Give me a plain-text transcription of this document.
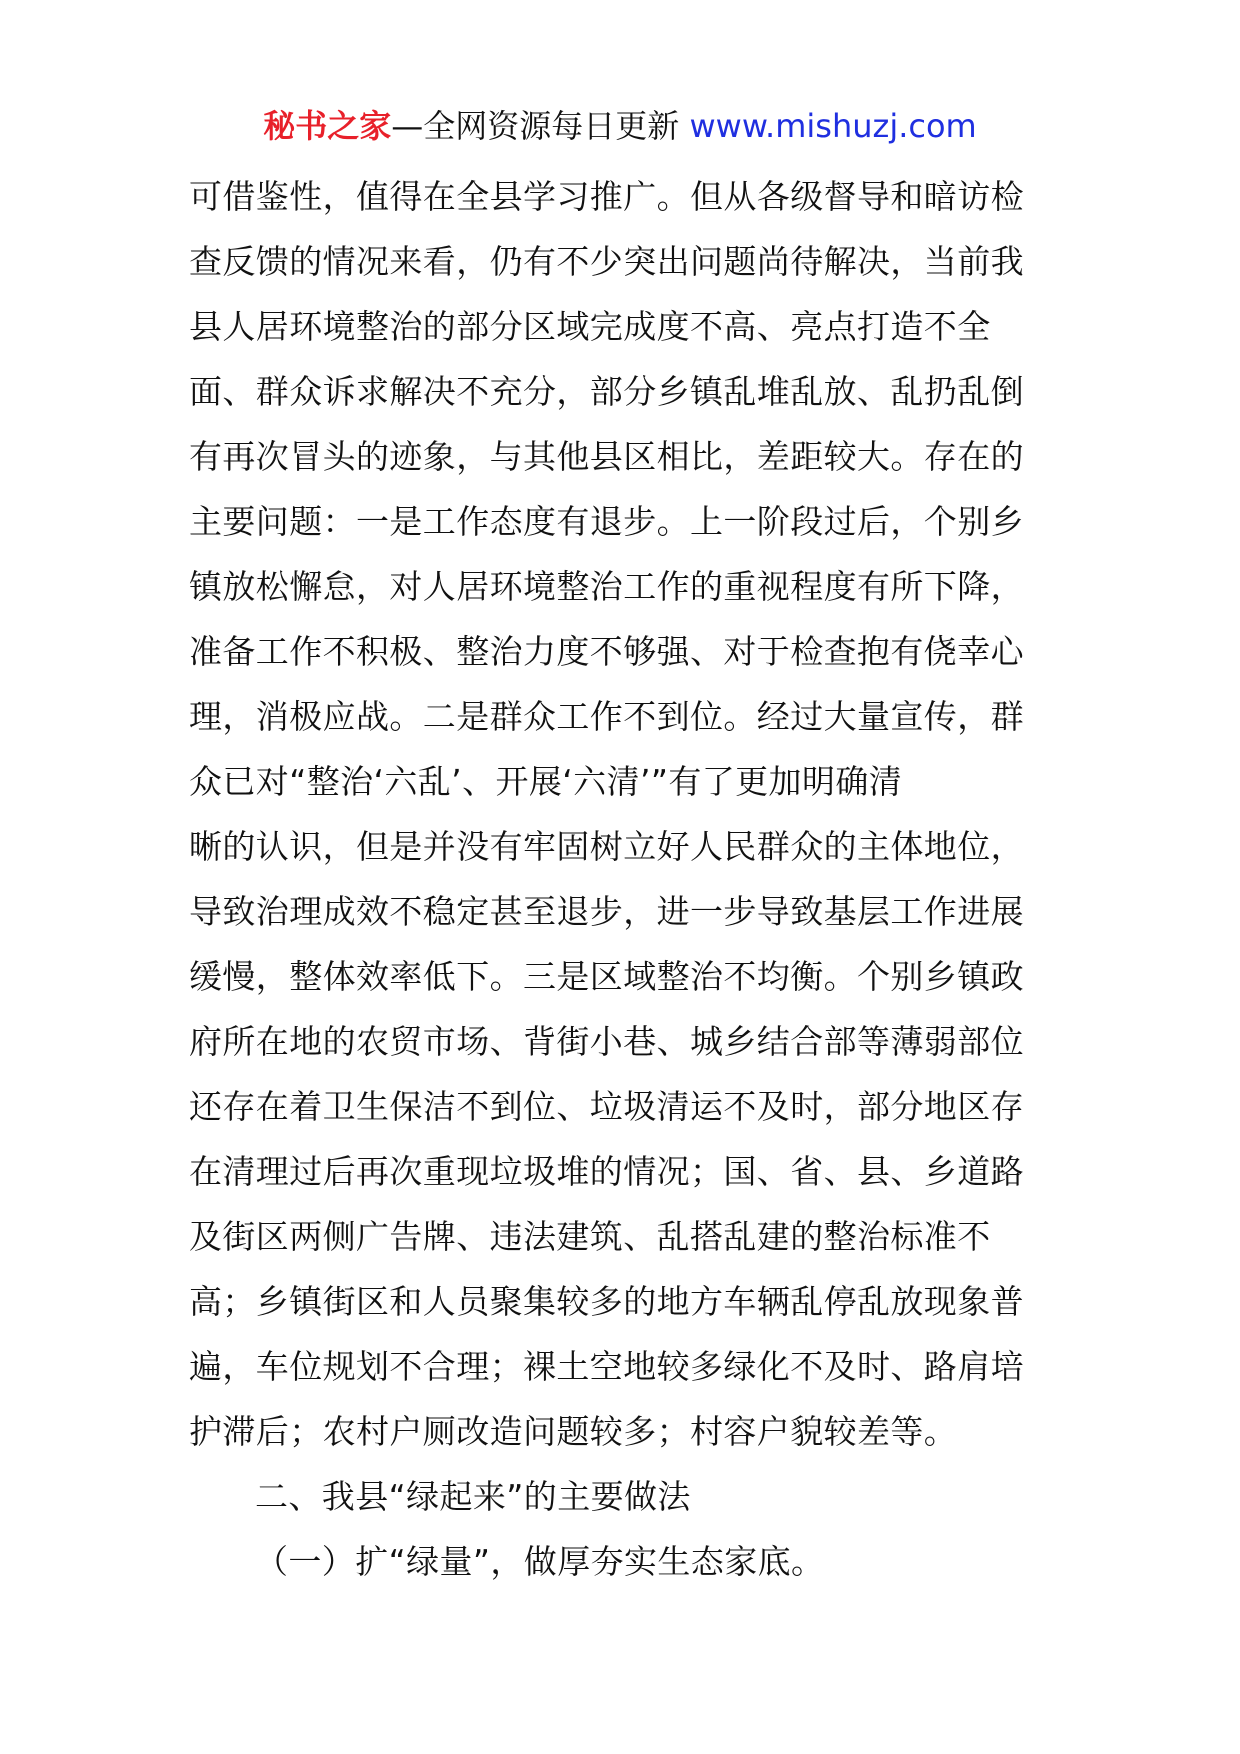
秘书之家—全网资源每日更新 www.mishuzj.com
可借鉴性，值得在全县学习推广。但从各级督导和暗访检
查反馈的情况来看，仍有不少突出问题尚待解决，当前我
县人居环境整治的部分区域完成度不高、亮点打造不全
面、群众诉求解决不充分，部分乡镇乱堆乱放、乱扔乱倒
有再次冒头的迹象，与其他县区相比，差距较大。存在的
主要问题：一是工作态度有退步。上一阶段过后，个别乡
镇放松懈怠，对人居环境整治工作的重视程度有所下降，
准备工作不积极、整治力度不够强、对于检查抱有侥幸心
理，消极应战。二是群众工作不到位。经过大量宣传，群
众已对“整治‘六乱’、开展‘六清’”有了更加明确清
晰的认识，但是并没有牢固树立好人民群众的主体地位，
导致治理成效不稳定甚至退步，进一步导致基层工作进展
缓慢，整体效率低下。三是区域整治不均衡。个别乡镇政
府所在地的农贸市场、背街小巷、城乡结合部等薄弱部位
还存在着卫生保洁不到位、垃圾清运不及时，部分地区存
在清理过后再次重现垃圾堆的情况；国、省、县、乡道路
及街区两侧广告牌、违法建筑、乱搭乱建的整治标准不
高；乡镇街区和人员聚集较多的地方车辆乱停乱放现象普
遍，车位规划不合理；裸土空地较多绿化不及时、路肩培
护滞后；农村户厕改造问题较多；村容户貌较差等。
二、我县“绿起来”的主要做法
（一）扩“绿量”，做厚夯实生态家底。
